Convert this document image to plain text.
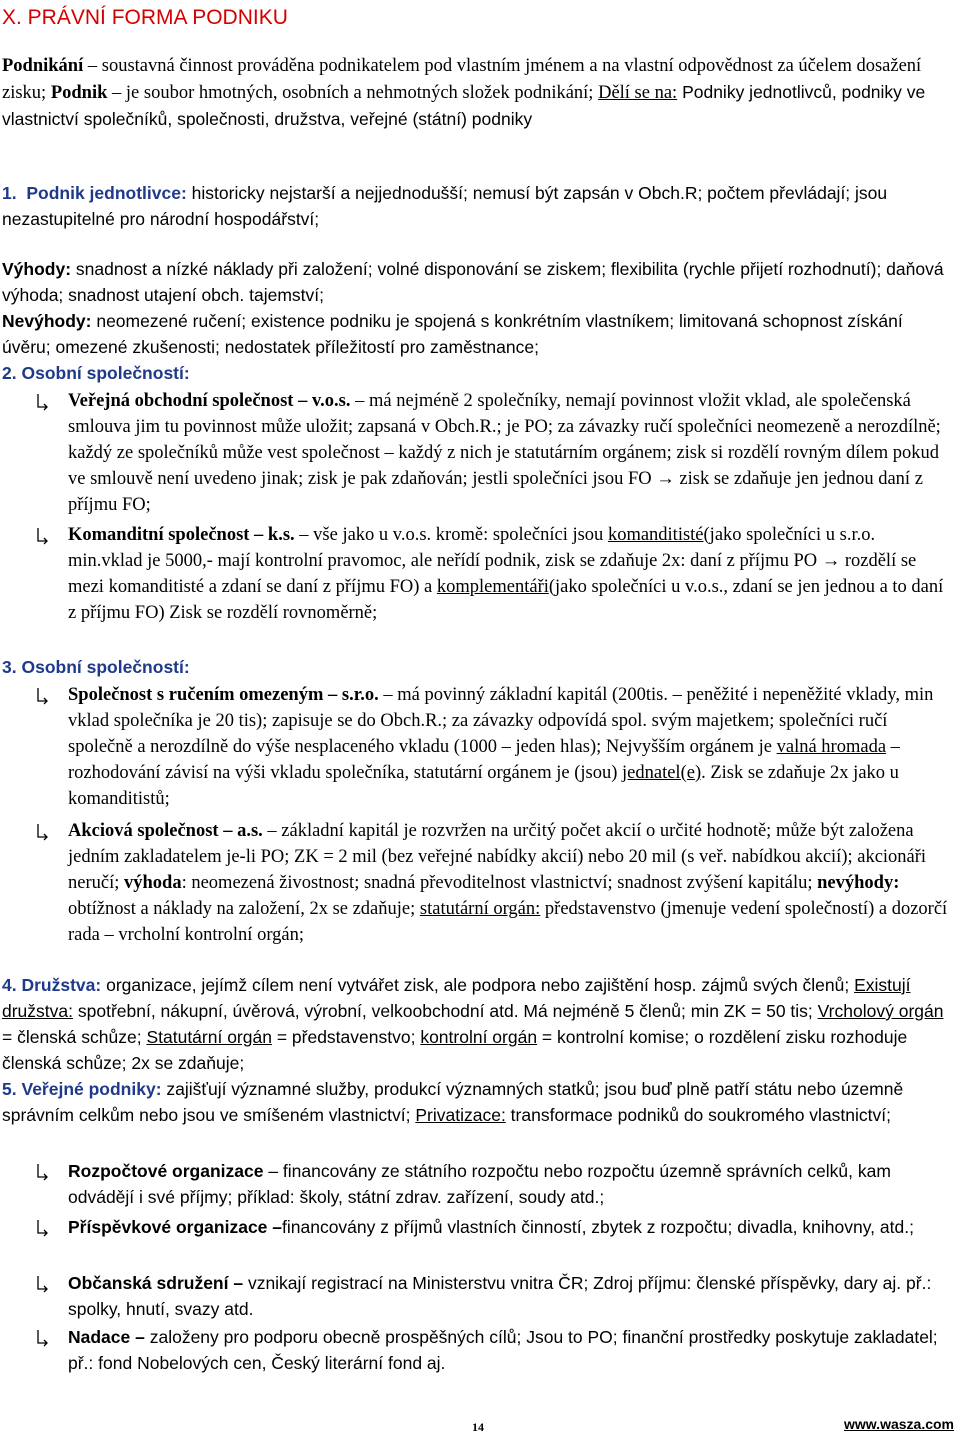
X. PRÁVNÍ FORMA PODNIKU

Podnikání – soustavná činnost prováděna podnikatelem pod vlastním jménem a na vlastní odpovědnost za účelem dosažení zisku; Podnik – je soubor hmotných, osobních a nehmotných složek podnikání; Dělí se na: Podniky jednotlivců, podniky ve vlastnictví společníků, společnosti, družstva, veřejné (státní) podniky

1. Podnik jednotlivce: historicky nejstarší a nejjednodušší; nemusí být zapsán v Obch.R; počtem převládají; jsou nezastupitelné pro národní hospodářství;

Výhody: snadnost a nízké náklady při založení; volné disponování se ziskem; flexibilita (rychle přijetí rozhodnutí); daňová výhoda; snadnost utajení obch. tajemství;
Nevýhody: neomezené ručení; existence podniku je spojená s konkrétním vlastníkem; limitovaná schopnost získání úvěru; omezené zkušenosti; nedostatek příležitostí pro zaměstnance;

2. Osobní společností:

Veřejná obchodní společnost – v.o.s. – má nejméně 2 společníky, nemají povinnost vložit vklad, ale společenská smlouva jim tu povinnost může uložit; zapsaná v Obch.R.; je PO; za závazky ručí společníci neomezeně a nerozdílně; každý ze společníků může vest společnost – každý z nich je statutárním orgánem; zisk si rozdělí rovným dílem pokud ve smlouvě není uvedeno jinak; zisk je pak zdaňován; jestli společníci jsou FO → zisk se zdaňuje jen jednou daní z příjmu FO;

Komanditní společnost – k.s. – vše jako u v.o.s. kromě: společníci jsou komanditisté(jako společníci u s.r.o. min.vklad je 5000,- mají kontrolní pravomoc, ale neřídí podnik, zisk se zdaňuje 2x: daní z příjmu PO → rozdělí se mezi komanditisté a zdaní se daní z příjmu FO) a komplementáři(jako společníci u v.o.s., zdaní se jen jednou a to daní z příjmu FO) Zisk se rozdělí rovnoměrně;

3. Osobní společností:

Společnost s ručením omezeným – s.r.o. – má povinný základní kapitál (200tis. – peněžité i nepeněžité vklady, min vklad společníka je 20 tis); zapisuje se do Obch.R.; za závazky odpovídá spol. svým majetkem; společníci ručí společně a nerozdílně do výše nesplaceného vkladu (1000 – jeden hlas); Nejvyšším orgánem je valná hromada – rozhodování závisí na výši vkladu společníka, statutární orgánem je (jsou) jednatel(e). Zisk se zdaňuje 2x jako u komanditistů;

Akciová společnost – a.s. – základní kapitál je rozvržen na určitý počet akcií o určité hodnotě; může být založena jedním zakladatelem je-li PO; ZK = 2 mil (bez veřejné nabídky akcií) nebo 20 mil (s veř. nabídkou akcií); akcionáři neručí; výhoda: neomezená živostnost; snadná převoditelnost vlastnictví; snadnost zvýšení kapitálu; nevýhody: obtížnost a náklady na založení, 2x se zdaňuje; statutární orgán: představenstvo (jmenuje vedení společností) a dozorčí rada – vrcholní kontrolní orgán;

4. Družstva: organizace, jejímž cílem není vytvářet zisk, ale podpora nebo zajištění hosp. zájmů svých členů; Existují družstva: spotřební, nákupní, úvěrová, výrobní, velkoobchodní atd. Má nejméně 5 členů; min ZK = 50 tis; Vrcholový orgán = členská schůze; Statutární orgán = představenstvo; kontrolní orgán = kontrolní komise; o rozdělení zisku rozhoduje členská schůze; 2x se zdaňuje;

5. Veřejné podniky: zajišťují významné služby, produkcí významných statků; jsou buď plně patří státu nebo územně správním celkům nebo jsou ve smíšeném vlastnictví; Privatizace: transformace podniků do soukromého vlastnictví;

Rozpočtové organizace – financovány ze státního rozpočtu nebo rozpočtu územně správních celků, kam odvádějí i své příjmy; příklad: školy, státní zdrav. zařízení, soudy atd.;

Příspěvkové organizace –financovány z příjmů vlastních činností, zbytek z rozpočtu; divadla, knihovny, atd.;

Občanská sdružení – vznikají registrací na Ministerstvu vnitra ČR; Zdroj příjmu: členské příspěvky, dary aj. př.: spolky, hnutí, svazy atd.

Nadace – založeny pro podporu obecně prospěšných cílů; Jsou to PO; finanční prostředky poskytuje zakladatel; př.: fond Nobelových cen, Český literární fond aj.

14	www.wasza.com
